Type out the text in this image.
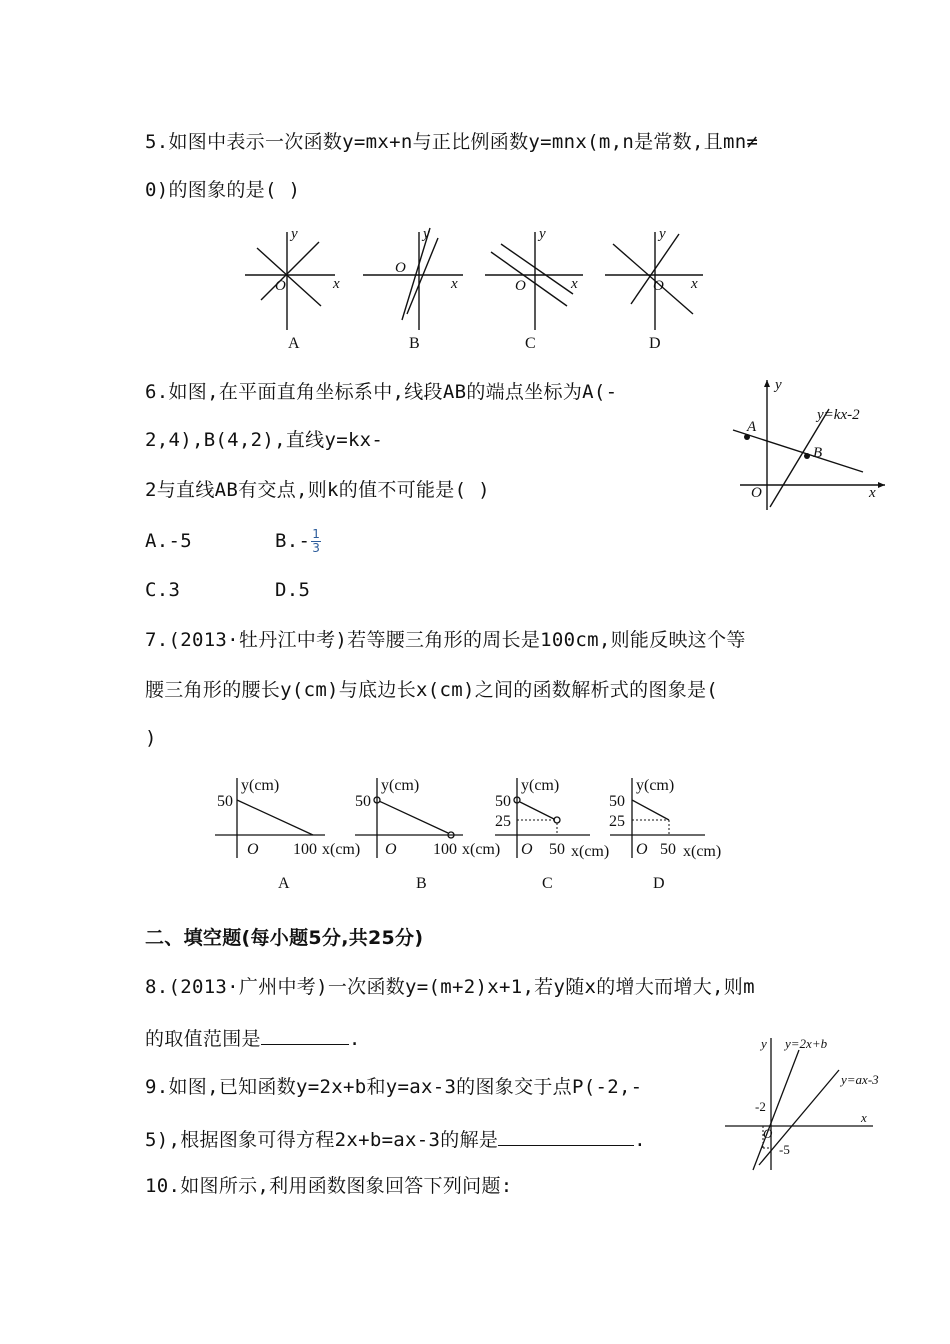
5.如图中表示一次函数y=mx+n与正比例函数y=mnx(m,n是常数,且mn≠
0)的图象的是( )
y
x
O
y
x
O
y
x
O
y
x
O
A	B	C	D
6.如图,在平面直角坐标系中,线段AB的端点坐标为A(-
2,4),B(4,2),直线y=kx-
2与直线AB有交点,则k的值不可能是( )
A.-5	$B.- \frac{1}{3}$
C.3	D.5
y=kx-2
A
B
y
x
O
7.(2013·牡丹江中考)若等腰三角形的周长是100cm,则能反映这个等
腰三角形的腰长y(cm)与底边长x(cm)之间的函数解析式的图象是(
)
y(cm)
50
O 100 x(cm)
y(cm)
50
O 100 x(cm)
y(cm)
50
25
O 50 x(cm)
y(cm)
50
25
O 50 x(cm)
A	B	C	D
二、填空题(每小题5分,共25分)
8.(2013·广州中考)一次函数y=(m+2)x+1,若y随x的增大而增大,则m
的取值范围是	.
9.如图,已知函数y=2x+b和y=ax-3的图象交于点P(-2,-
5),根据图象可得方程2x+b=ax-3的解是	.
y y=2x+b
y=ax-3
-2
O
-5
x
10.如图所示,利用函数图象回答下列问题:
